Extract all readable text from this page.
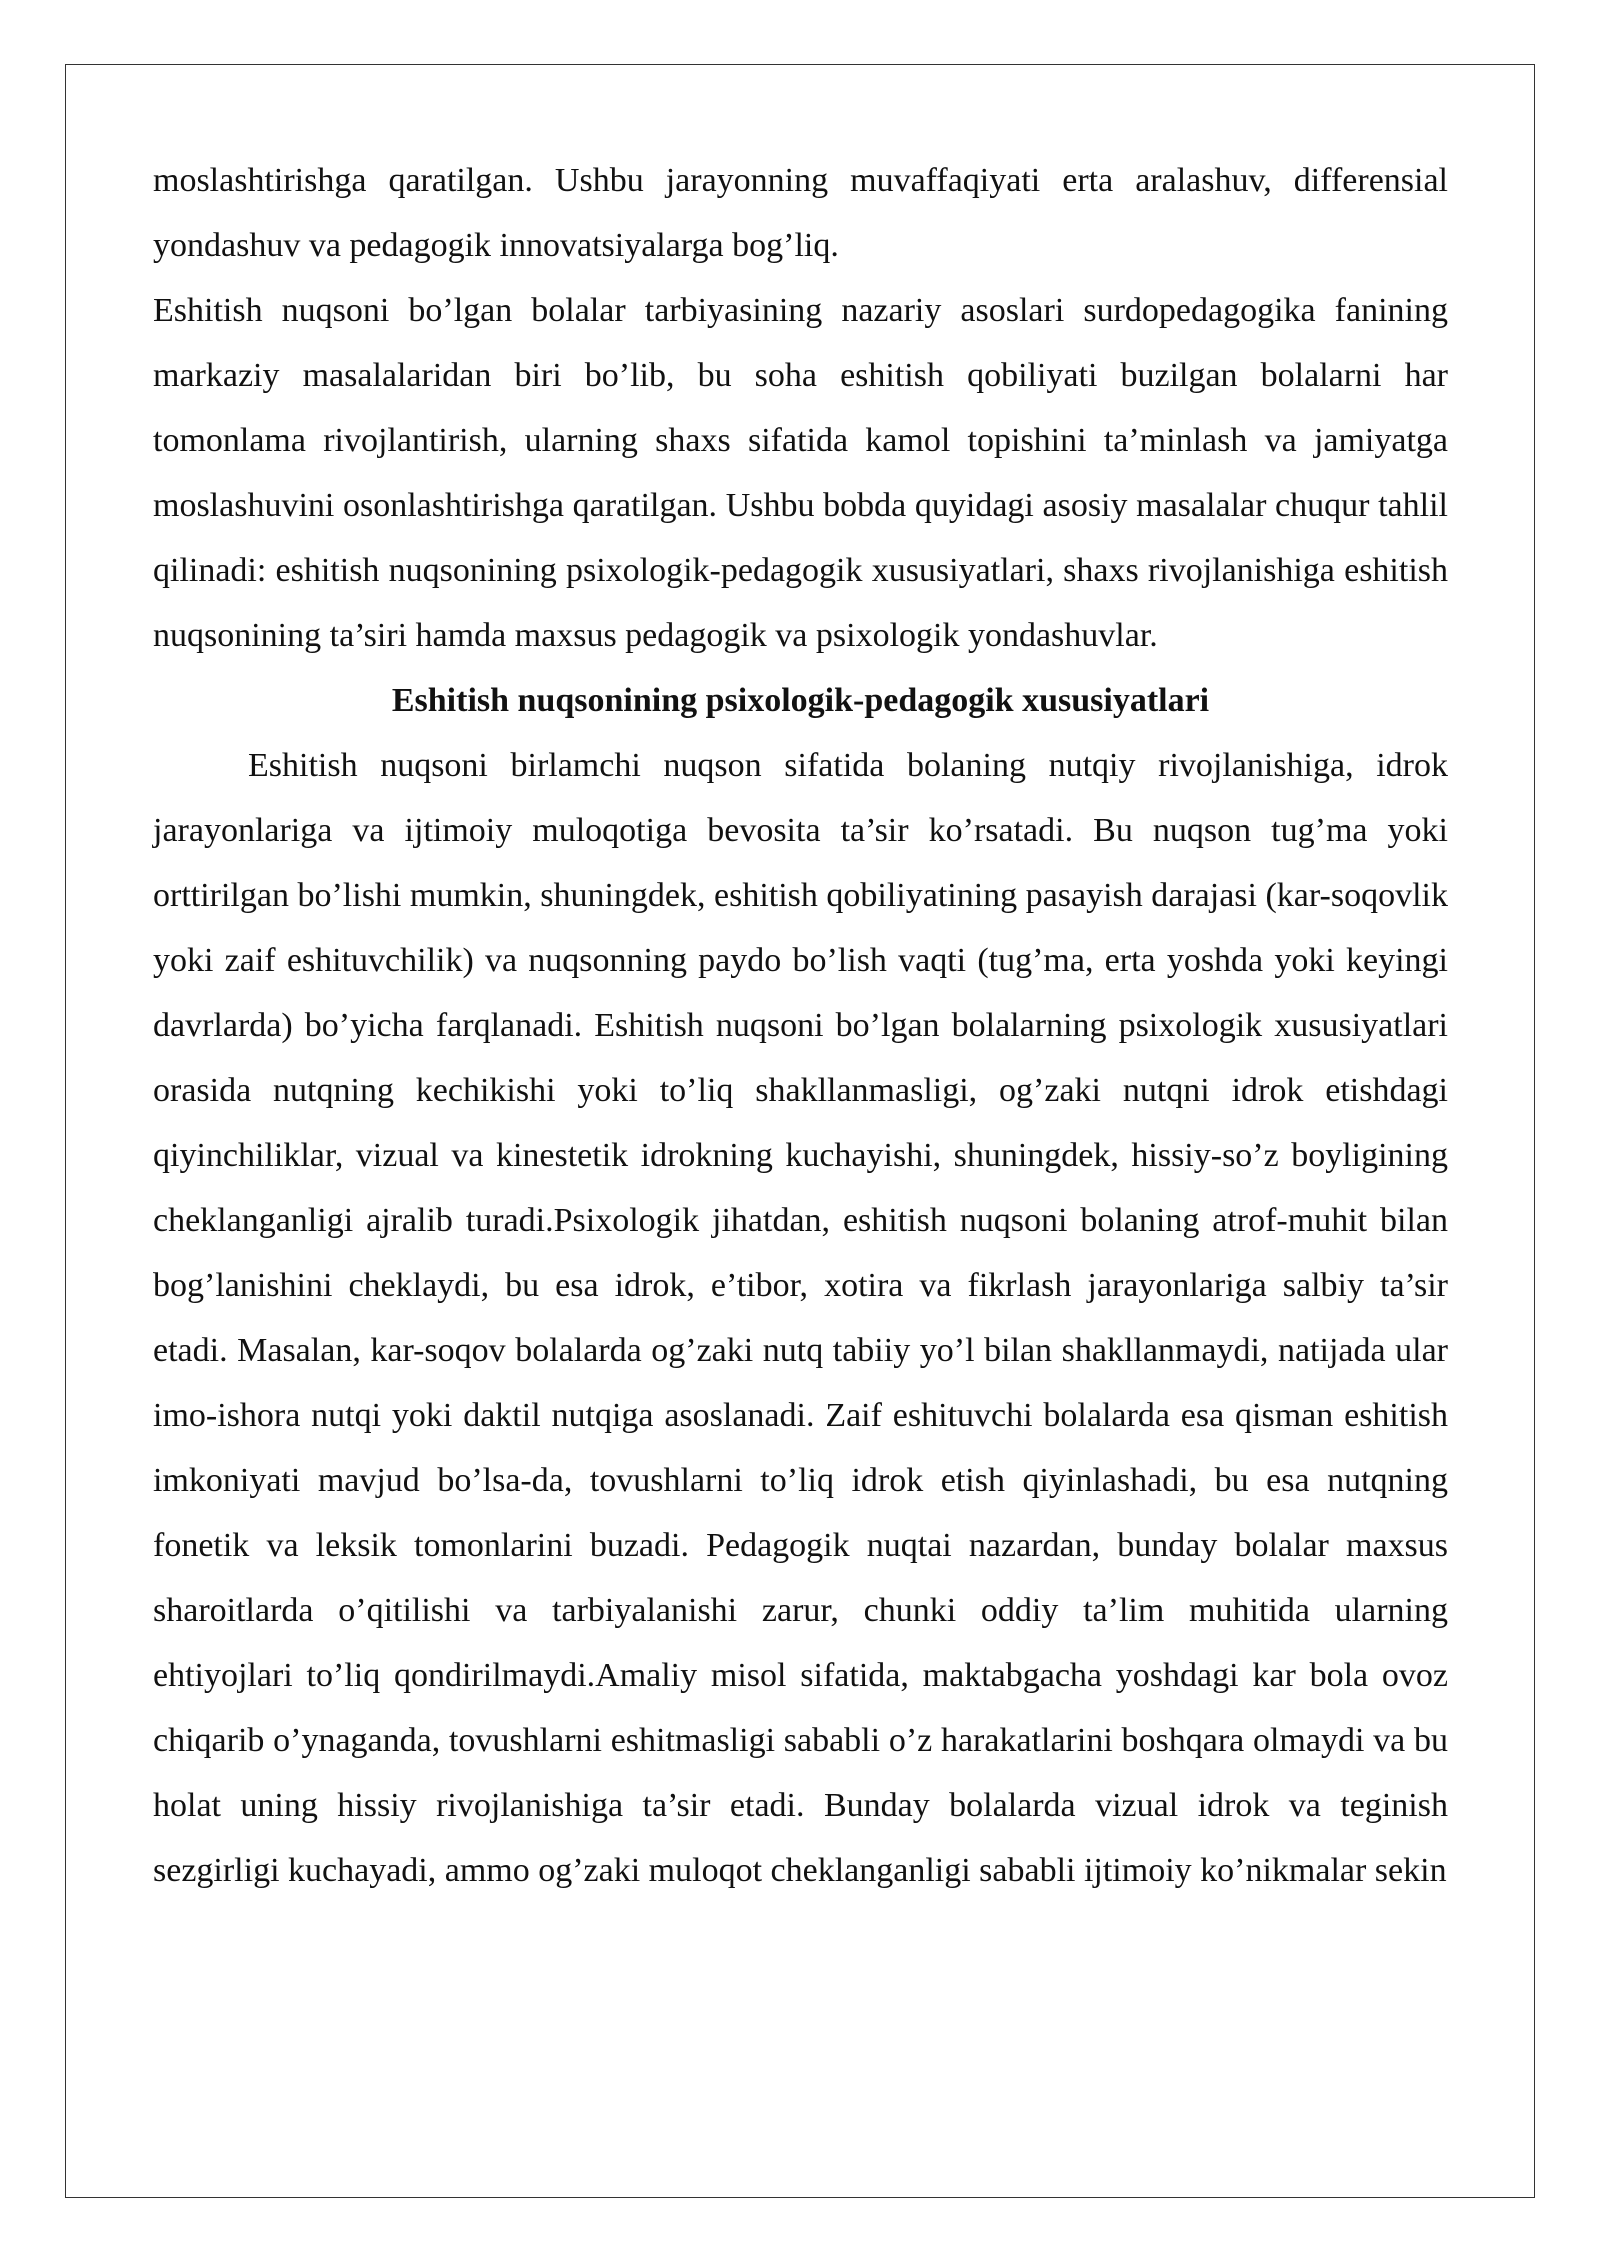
moslashtirishga qaratilgan. Ushbu jarayonning muvaffaqiyati erta aralashuv, differensial yondashuv va pedagogik innovatsiyalarga bog’liq.

Eshitish nuqsoni bo’lgan bolalar tarbiyasining nazariy asoslari surdopedagogika fanining markaziy masalalaridan biri bo’lib, bu soha eshitish qobiliyati buzilgan bolalarni har tomonlama rivojlantirish, ularning shaxs sifatida kamol topishini ta’minlash va jamiyatga moslashuvini osonlashtirishga qaratilgan. Ushbu bobda quyidagi asosiy masalalar chuqur tahlil qilinadi: eshitish nuqsonining psixologik-pedagogik xususiyatlari, shaxs rivojlanishiga eshitish nuqsonining ta’siri hamda maxsus pedagogik va psixologik yondashuvlar.

Eshitish nuqsonining psixologik-pedagogik xususiyatlari

Eshitish nuqsoni birlamchi nuqson sifatida bolaning nutqiy rivojlanishiga, idrok jarayonlariga va ijtimoiy muloqotiga bevosita ta’sir ko’rsatadi. Bu nuqson tug’ma yoki orttirilgan bo’lishi mumkin, shuningdek, eshitish qobiliyatining pasayish darajasi (kar-soqovlik yoki zaif eshituvchilik) va nuqsonning paydo bo’lish vaqti (tug’ma, erta yoshda yoki keyingi davrlarda) bo’yicha farqlanadi. Eshitish nuqsoni bo’lgan bolalarning psixologik xususiyatlari orasida nutqning kechikishi yoki to’liq shakllanmasligi, og’zaki nutqni idrok etishdagi qiyinchiliklar, vizual va kinestetik idrokning kuchayishi, shuningdek, hissiy-so’z boyligining cheklanganligi ajralib turadi.Psixologik jihatdan, eshitish nuqsoni bolaning atrof-muhit bilan bog’lanishini cheklaydi, bu esa idrok, e’tibor, xotira va fikrlash jarayonlariga salbiy ta’sir etadi. Masalan, kar-soqov bolalarda og’zaki nutq tabiiy yo’l bilan shakllanmaydi, natijada ular imo-ishora nutqi yoki daktil nutqiga asoslanadi. Zaif eshituvchi bolalarda esa qisman eshitish imkoniyati mavjud bo’lsa-da, tovushlarni to’liq idrok etish qiyinlashadi, bu esa nutqning fonetik va leksik tomonlarini buzadi. Pedagogik nuqtai nazardan, bunday bolalar maxsus sharoitlarda o’qitilishi va tarbiyalanishi zarur, chunki oddiy ta’lim muhitida ularning ehtiyojlari to’liq qondirilmaydi.Amaliy misol sifatida, maktabgacha yoshdagi kar bola ovoz chiqarib o’ynaganda, tovushlarni eshitmasligi sababli o’z harakatlarini boshqara olmaydi va bu holat uning hissiy rivojlanishiga ta’sir etadi. Bunday bolalarda vizual idrok va teginish sezgirligi kuchayadi, ammo og’zaki muloqot cheklanganligi sababli ijtimoiy ko’nikmalar sekin
